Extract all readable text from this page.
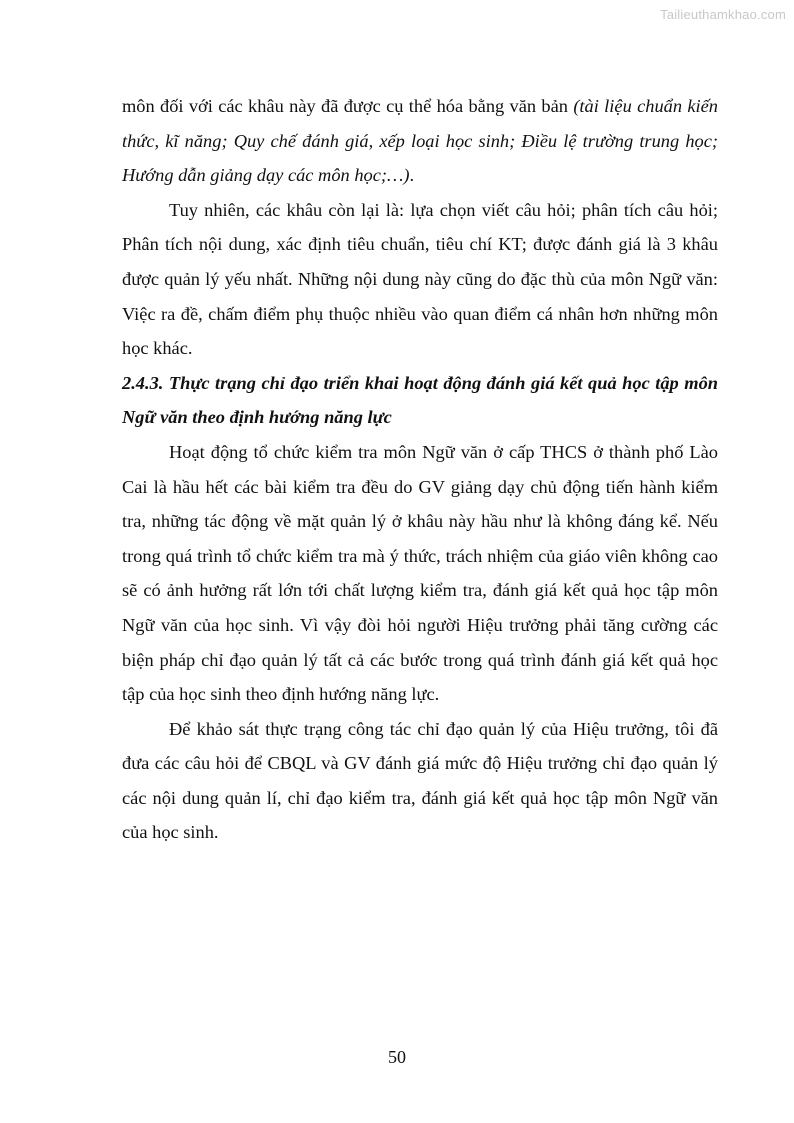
Tailieuthamkhao.com

môn đối với các khâu này đã được cụ thể hóa bằng văn bản (tài liệu chuẩn kiến thức, kĩ năng; Quy chế đánh giá, xếp loại học sinh; Điều lệ trường trung học; Hướng dẫn giảng dạy các môn học;…).

Tuy nhiên, các khâu còn lại là: lựa chọn viết câu hỏi; phân tích câu hỏi; Phân tích nội dung, xác định tiêu chuẩn, tiêu chí KT; được đánh giá là 3 khâu được quản lý yếu nhất. Những nội dung này cũng do đặc thù của môn Ngữ văn: Việc ra đề, chấm điểm phụ thuộc nhiều vào quan điểm cá nhân hơn những môn học khác.

2.4.3. Thực trạng chỉ đạo triển khai hoạt động đánh giá kết quả học tập môn Ngữ văn theo định hướng năng lực

Hoạt động tổ chức kiểm tra môn Ngữ văn ở cấp THCS ở thành phố Lào Cai là hầu hết các bài kiểm tra đều do GV giảng dạy chủ động tiến hành kiểm tra, những tác động về mặt quản lý ở khâu này hầu như là không đáng kể. Nếu trong quá trình tổ chức kiểm tra mà ý thức, trách nhiệm của giáo viên không cao sẽ có ảnh hưởng rất lớn tới chất lượng kiểm tra, đánh giá kết quả học tập môn Ngữ văn của học sinh. Vì vậy đòi hỏi người Hiệu trưởng phải tăng cường các biện pháp chỉ đạo quản lý tất cả các bước trong quá trình đánh giá kết quả học tập của học sinh theo định hướng năng lực.

Để khảo sát thực trạng công tác chỉ đạo quản lý của Hiệu trưởng, tôi đã đưa các câu hỏi để CBQL và GV đánh giá mức độ Hiệu trưởng chỉ đạo quản lý các nội dung quản lí, chỉ đạo kiểm tra, đánh giá kết quả học tập môn Ngữ văn của học sinh.

50
